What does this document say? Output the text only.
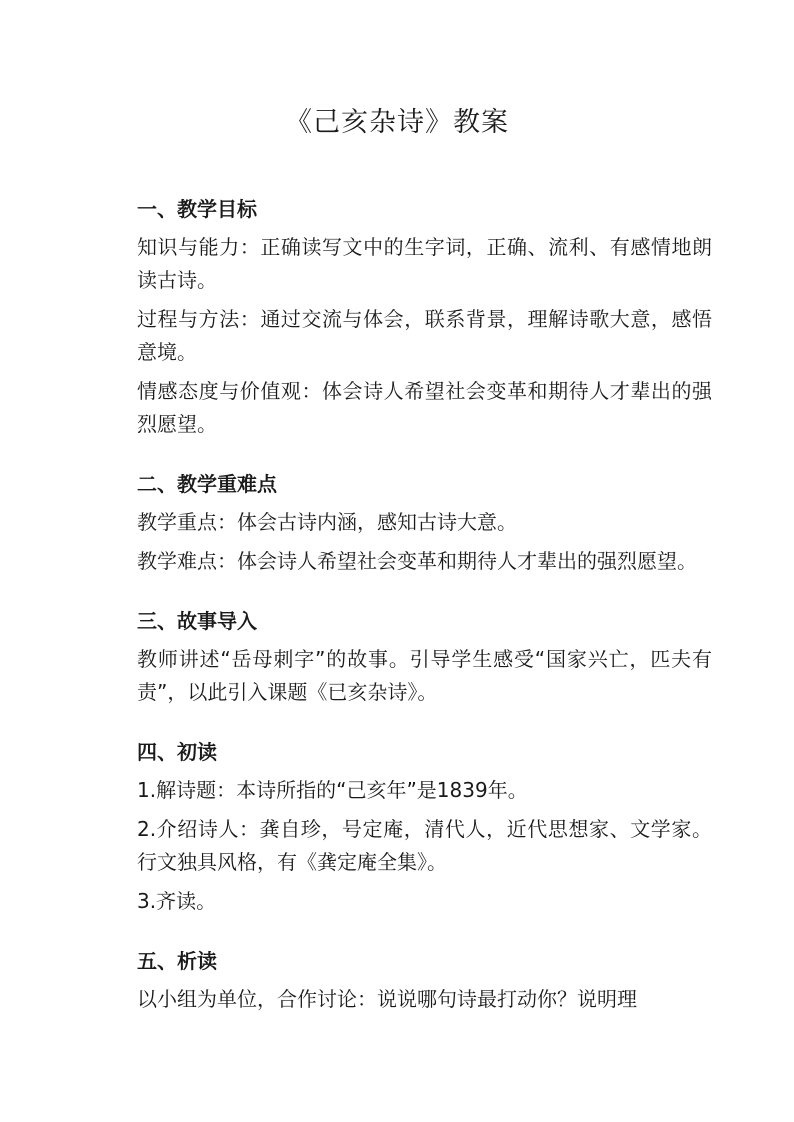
《己亥杂诗》教案
一、教学目标

知识与能力：正确读写文中的生字词，正确、流利、有感情地朗读古诗。

过程与方法：通过交流与体会，联系背景，理解诗歌大意，感悟意境。

情感态度与价值观：体会诗人希望社会变革和期待人才辈出的强烈愿望。

二、教学重难点

教学重点：体会古诗内涵，感知古诗大意。

教学难点：体会诗人希望社会变革和期待人才辈出的强烈愿望。

三、故事导入

教师讲述“岳母刺字”的故事。引导学生感受“国家兴亡，匹夫有责”，以此引入课题《已亥杂诗》。

四、初读

1.解诗题：本诗所指的“己亥年”是1839年。

2.介绍诗人：龚自珍，号定庵，清代人，近代思想家、文学家。行文独具风格，有《龚定庵全集》。

3.齐读。

五、析读

以小组为单位，合作讨论：说说哪句诗最打动你？说明理
